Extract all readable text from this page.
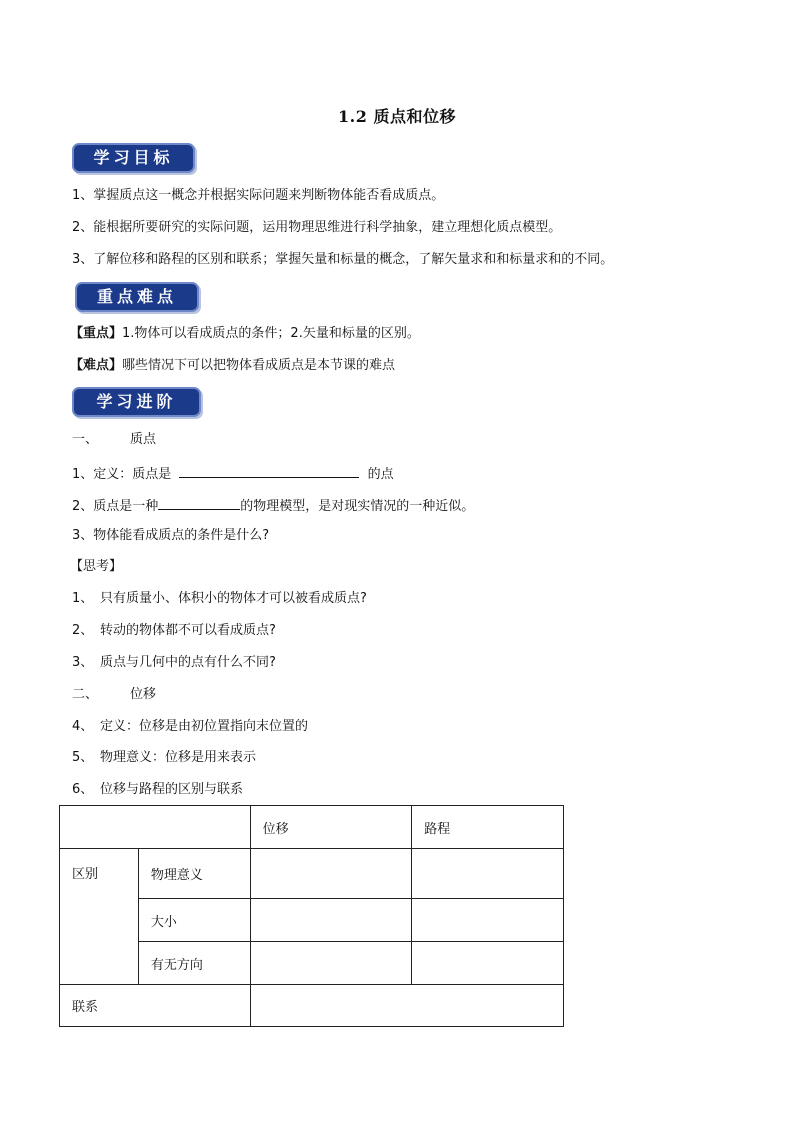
1.2 质点和位移
学习目标
1、掌握质点这一概念并根据实际问题来判断物体能否看成质点。
2、能根据所要研究的实际问题，运用物理思维进行科学抽象，建立理想化质点模型。
3、了解位移和路程的区别和联系；掌握矢量和标量的概念，了解矢量求和和标量求和的不同。
重点难点
【重点】1.物体可以看成质点的条件；2.矢量和标量的区别。
【难点】哪些情况下可以把物体看成质点是本节课的难点
学习进阶
一、 质点
1、定义：质点是	的点
2、质点是一种	的物理模型，是对现实情况的一种近似。
3、物体能看成质点的条件是什么?
【思考】
1、 只有质量小、体积小的物体才可以被看成质点?
2、 转动的物体都不可以看成质点?
3、 质点与几何中的点有什么不同?
二、 位移
4、 定义：位移是由初位置指向末位置的
5、 物理意义：位移是用来表示
6、 位移与路程的区别与联系
		位移	路程
区别	物理意义		
	大小		
	有无方向		
联系			
